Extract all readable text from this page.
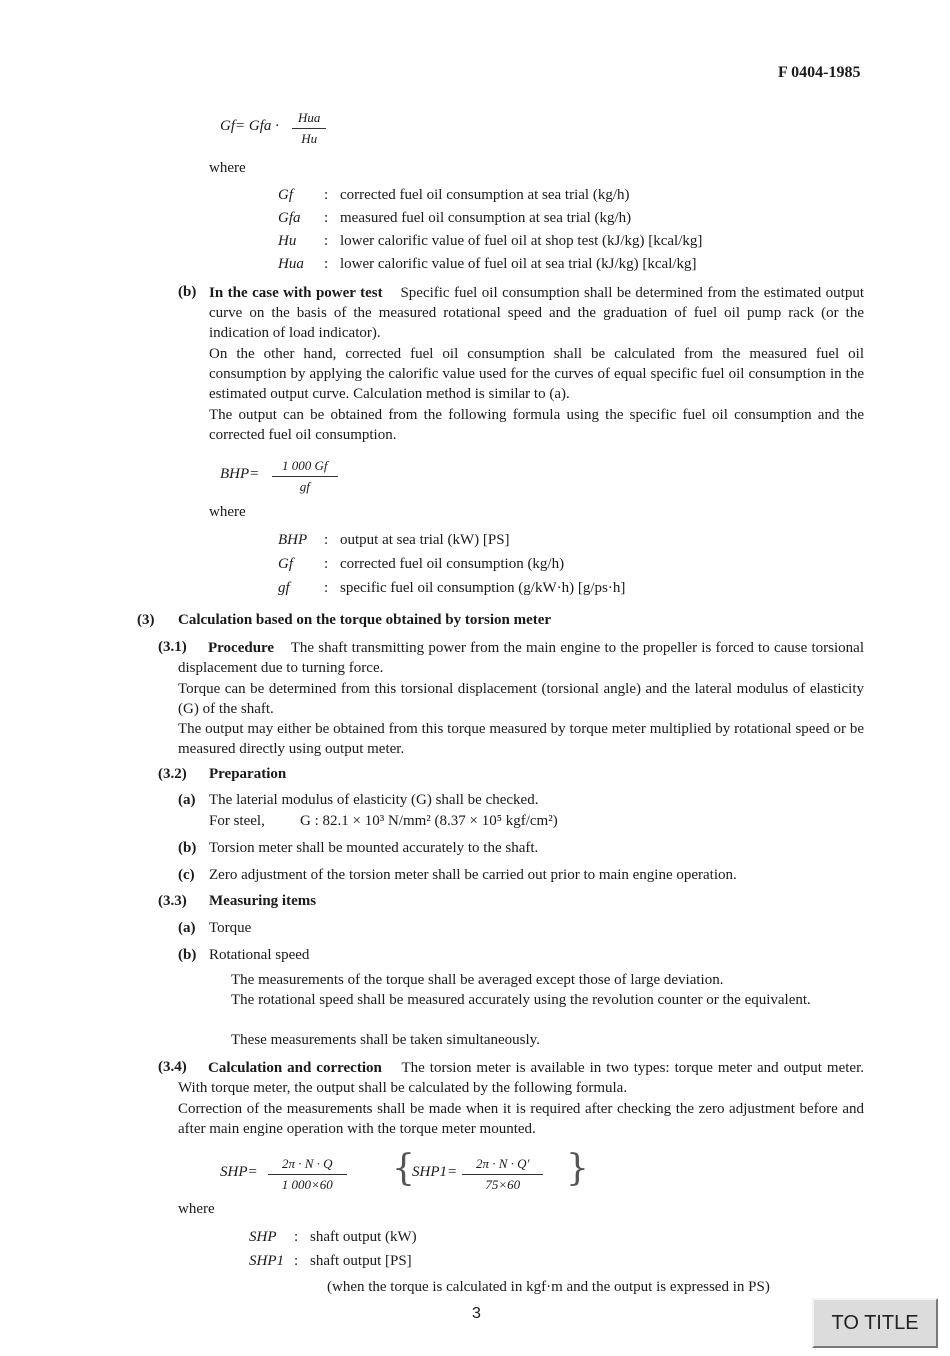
F 0404-1985
Gf= Gfa ·
Hua
Hu
where
Gf : corrected fuel oil consumption at sea trial (kg/h)
Gfa : measured fuel oil consumption at sea trial (kg/h)
Hu : lower calorific value of fuel oil at shop test (kJ/kg) [kcal/kg]
Hua : lower calorific value of fuel oil at sea trial (kJ/kg) [kcal/kg]
(b) In the case with power test Specific fuel oil consumption shall be determined from the estimated output curve on the basis of the measured rotational speed and the graduation of fuel oil pump rack (or the indication of load indicator).
On the other hand, corrected fuel oil consumption shall be calculated from the measured fuel oil consumption by applying the calorific value used for the curves of equal specific fuel oil consumption in the estimated output curve. Calculation method is similar to (a).
The output can be obtained from the following formula using the specific fuel oil consumption and the corrected fuel oil consumption.
$BHP= \frac{1 000 Gf}{gf}$
where
BHP : output at sea trial (kW) [PS]
Gf : corrected fuel oil consumption (kg/h)
gf : specific fuel oil consumption (g/kW·h) [g/ps·h]
(3) Calculation based on the torque obtained by torsion meter
(3.1)	Procedure The shaft transmitting power from the main engine to the propeller is forced to cause torsional displacement due to turning force.
Torque can be determined from this torsional displacement (torsional angle) and the lateral modulus of elasticity (G) of the shaft.
The output may either be obtained from this torque measured by torque meter multiplied by rotational speed or be measured directly using output meter.
(3.2) Preparation
(a) The laterial modulus of elasticity (G) shall be checked.
For steel, G : 82.1 × 10³ N/mm² (8.37 × 10⁵ kgf/cm²)
(b) Torsion meter shall be mounted accurately to the shaft.
(c) Zero adjustment of the torsion meter shall be carried out prior to main engine operation.
(3.3) Measuring items
(a) Torque
(b) Rotational speed
The measurements of the torque shall be averaged except those of large deviation.
The rotational speed shall be measured accurately using the revolution counter or the equivalent.
These measurements shall be taken simultaneously.
(3.4)	Calculation and correction The torsion meter is available in two types: torque meter and output meter. With torque meter, the output shall be calculated by the following formula.
Correction of the measurements shall be made when it is required after checking the zero adjustment before and after main engine operation with the torque meter mounted.
$SHP= \frac{2\pi \cdot N \cdot Q}{1 000\times 60}$ {
$SHP1= \frac{2\pi \cdot N \cdot Q'}{75\times 60}$ }
where
SHP : shaft output (kW)
SHP1 : shaft output [PS]
(when the torque is calculated in kgf·m and the output is expressed in PS)
3	TO TITLE
